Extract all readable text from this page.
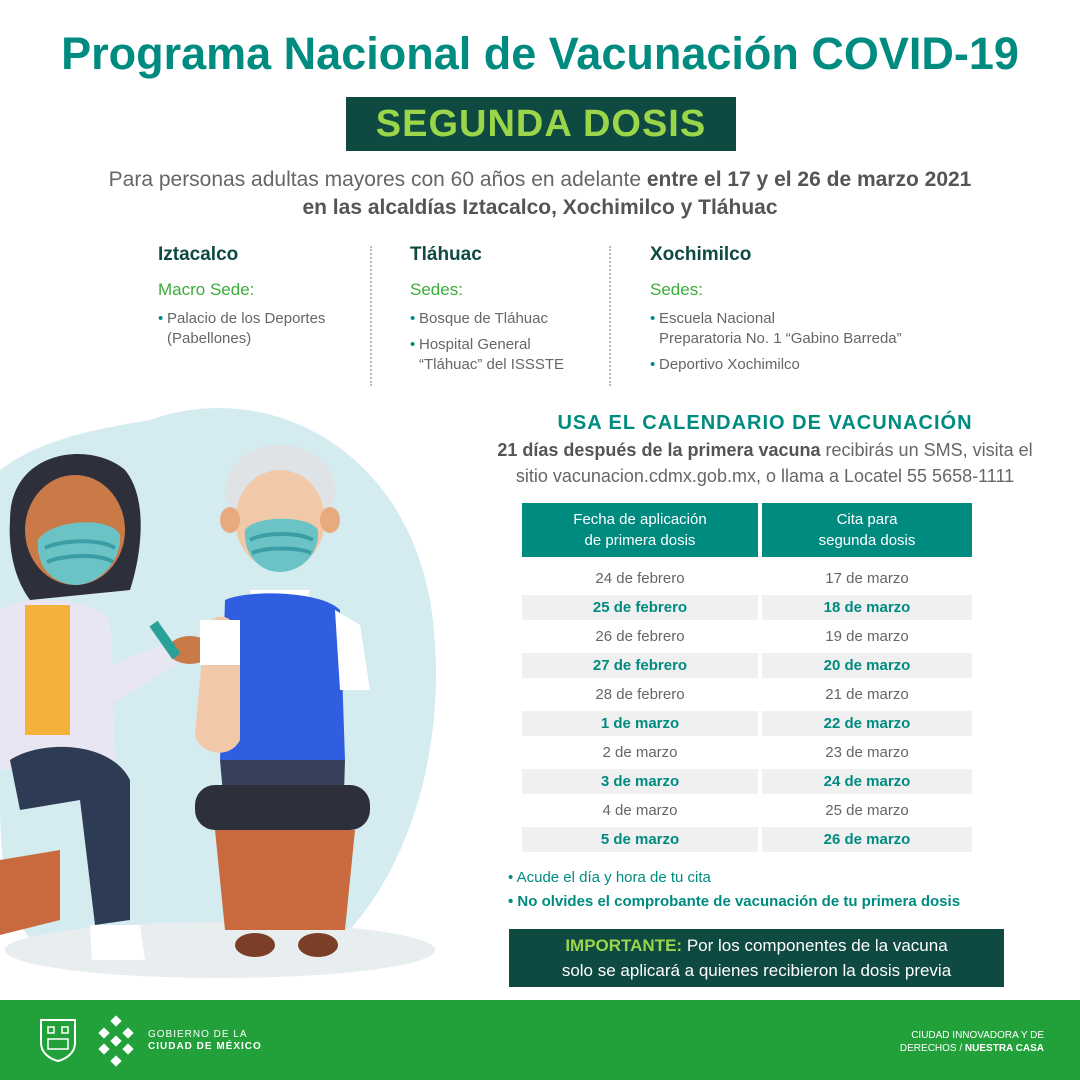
Programa Nacional de Vacunación COVID-19
SEGUNDA DOSIS
Para personas adultas mayores con 60 años en adelante entre el 17 y el 26 de marzo 2021
en las alcaldías Iztacalco, Xochimilco y Tláhuac
Iztacalco
Macro Sede:
• Palacio de los Deportes
(Pabellones)
Tláhuac
Sedes:
• Bosque de Tláhuac
• Hospital General
“Tláhuac” del ISSSTE
Xochimilco
Sedes:
• Escuela Nacional
Preparatoria No. 1 “Gabino Barreda”
• Deportivo Xochimilco
USA EL CALENDARIO DE VACUNACIÓN
21 días después de la primera vacuna recibirás un SMS, visita el
sitio vacunacion.cdmx.gob.mx, o llama a Locatel 55 5658-1111
Fecha de aplicación
de primera dosis
Cita para
segunda dosis
24 de febrero	17 de marzo
25 de febrero	18 de marzo
26 de febrero	19 de marzo
27 de febrero	20 de marzo
28 de febrero	21 de marzo
1 de marzo	22 de marzo
2 de marzo	23 de marzo
3 de marzo	24 de marzo
4 de marzo	25 de marzo
5 de marzo	26 de marzo
• Acude el día y hora de tu cita
• No olvides el comprobante de vacunación de tu primera dosis
IMPORTANTE: Por los componentes de la vacuna
solo se aplicará a quienes recibieron la dosis previa
GOBIERNO DE LA
CIUDAD DE MÉXICO
CIUDAD INNOVADORA Y DE
DERECHOS / NUESTRA CASA
